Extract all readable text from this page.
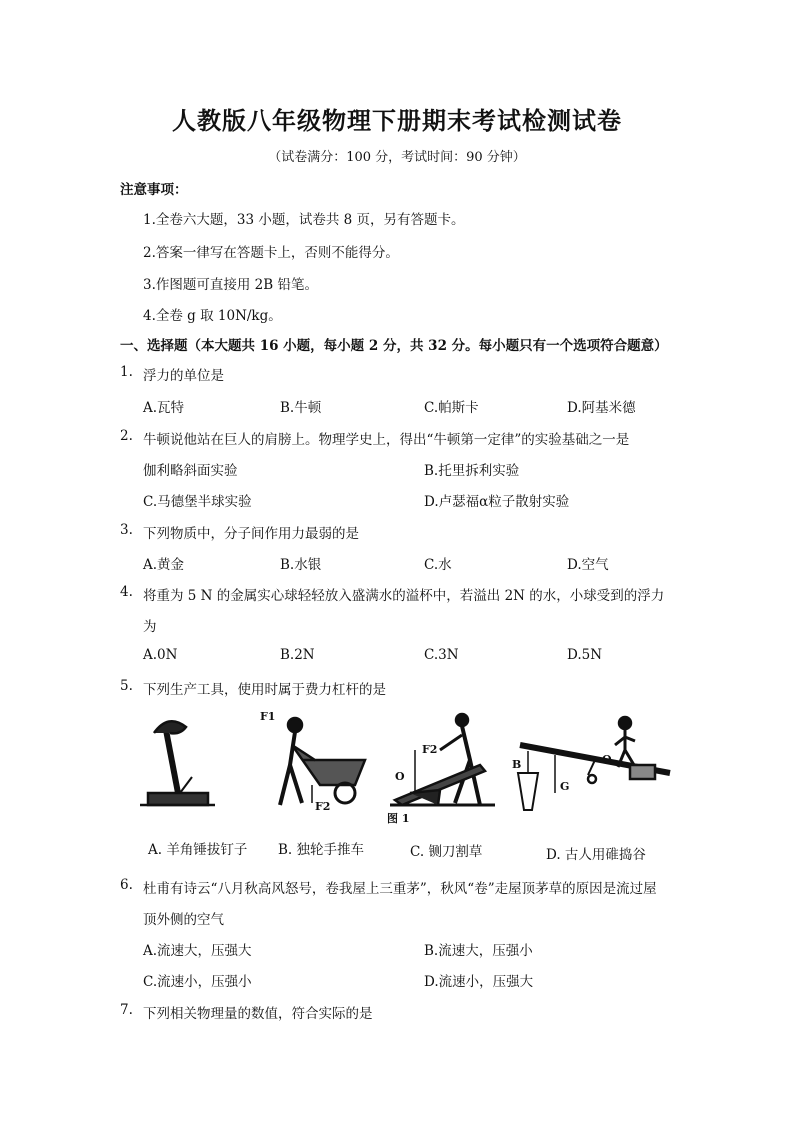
人教版八年级物理下册期末考试检测试卷
（试卷满分：100 分，考试时间：90 分钟）
注意事项：
1.全卷六大题，33 小题，试卷共 8 页，另有答题卡。
2.答案一律写在答题卡上，否则不能得分。
3.作图题可直接用 2B 铅笔。
4.全卷 g 取 10N/kg。
一、选择题（本大题共 16 小题，每小题 2 分，共 32 分。每小题只有一个选项符合题意）
1. 浮力的单位是
A.瓦特	B.牛顿	C.帕斯卡	D.阿基米德
2. 牛顿说他站在巨人的肩膀上。物理学史上，得出“牛顿第一定律”的实验基础之一是
伽利略斜面实验	B.托里拆利实验
C.马德堡半球实验	D.卢瑟福α粒子散射实验
3. 下列物质中，分子间作用力最弱的是
A.黄金	B.水银	C.水	D.空气
4. 将重为 5 N 的金属实心球轻轻放入盛满水的溢杯中，若溢出 2N 的水，小球受到的浮力
为
A.0N	B.2N	C.3N	D.5N
5. 下列生产工具，使用时属于费力杠杆的是
F1
F2
F2
O
O
B
G
图 1
A. 羊角锤拔钉子 B. 独轮手推车	C. 铡刀割草	D. 古人用碓捣谷
6. 杜甫有诗云“八月秋高风怒号，卷我屋上三重茅”，秋风“卷”走屋顶茅草的原因是流过屋
顶外侧的空气
A.流速大，压强大	B.流速大，压强小
C.流速小，压强小	D.流速小，压强大
7. 下列相关物理量的数值，符合实际的是
